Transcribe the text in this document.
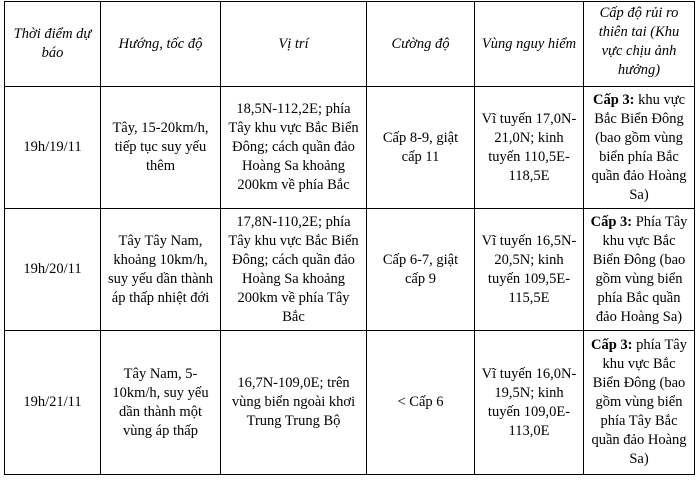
Thời điểm dự báo	Hướng, tốc độ	Vị trí	Cường độ	Vùng nguy hiểm	Cấp độ rủi ro thiên tai (Khu vực chịu ảnh hưởng)
19h/19/11	Tây, 15-20km/h, tiếp tục suy yếu thêm	18,5N-112,2E; phía Tây khu vực Bắc Biển Đông; cách quần đảo Hoàng Sa khoảng 200km về phía Bắc	Cấp 8-9, giật cấp 11	Vĩ tuyến 17,0N-21,0N; kinh tuyến 110,5E-118,5E	Cấp 3: khu vực Bắc Biển Đông (bao gồm vùng biển phía Bắc quần đảo Hoàng Sa)
19h/20/11	Tây Tây Nam, khoảng 10km/h, suy yếu dần thành áp thấp nhiệt đới	17,8N-110,2E; phía Tây khu vực Bắc Biển Đông; cách quần đảo Hoàng Sa khoảng 200km về phía Tây Bắc	Cấp 6-7, giật cấp 9	Vĩ tuyến 16,5N-20,5N; kinh tuyến 109,5E-115,5E	Cấp 3: Phía Tây khu vực Bắc Biển Đông (bao gồm vùng biển phía Bắc quần đảo Hoàng Sa)
19h/21/11	Tây Nam, 5-10km/h, suy yếu dần thành một vùng áp thấp	16,7N-109,0E; trên vùng biển ngoài khơi Trung Trung Bộ	< Cấp 6	Vĩ tuyến 16,0N-19,5N; kinh tuyến 109,0E-113,0E	Cấp 3: phía Tây khu vực Bắc Biển Đông (bao gồm vùng biển phía Tây Bắc quần đảo Hoàng Sa)
